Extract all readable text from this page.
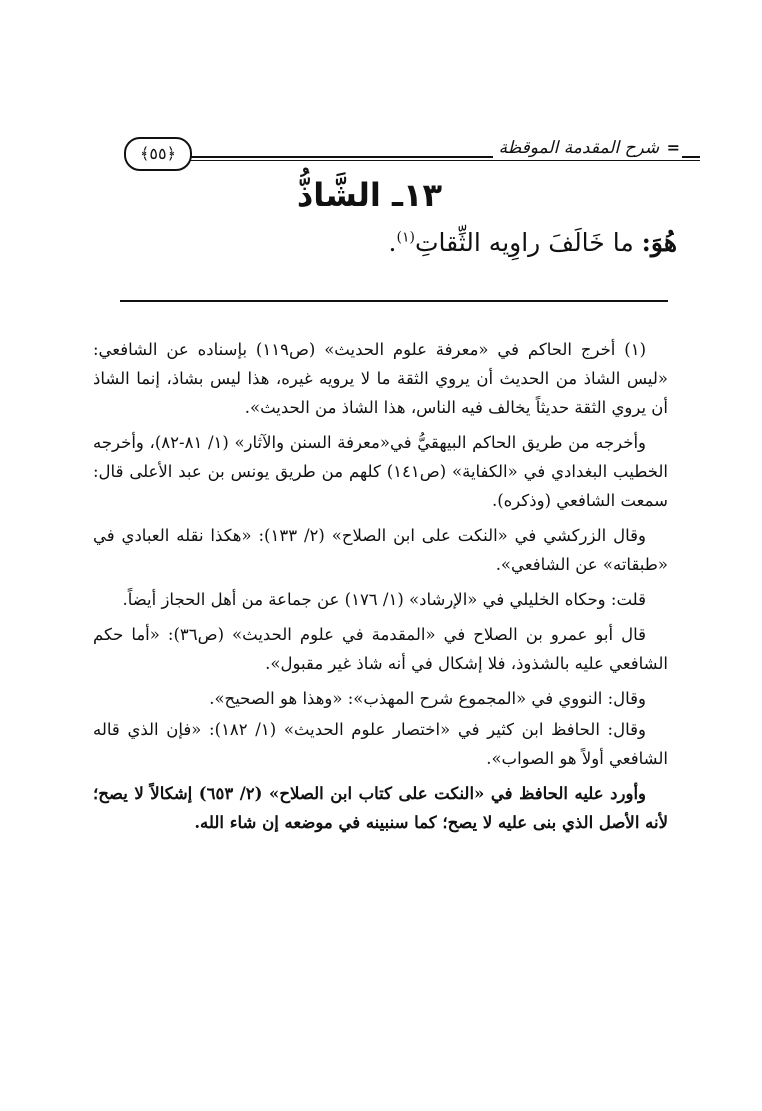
= شرح المقدمة الموقظة
﴿٥٥﴾
١٣ـ الشَّاذُّ
هُوَ: ما خَالَفَ راوِيه الثِّقاتِ$^{(١)}$.

(١) أخرج الحاكم في «معرفة علوم الحديث» (ص١١٩) بإسناده عن الشافعي: «ليس الشاذ من الحديث أن يروي الثقة ما لا يرويه غيره، هذا ليس بشاذ، إنما الشاذ أن يروي الثقة حديثاً يخالف فيه الناس، هذا الشاذ من الحديث».

وأخرجه من طريق الحاكم البيهقيُّ في«معرفة السنن والآثار» (١/ ٨١-٨٢)، وأخرجه الخطيب البغدادي في «الكفاية» (ص١٤١) كلهم من طريق يونس بن عبد الأعلى قال: سمعت الشافعي (وذكره).

وقال الزركشي في «النكت على ابن الصلاح» (٢/ ١٣٣): «هكذا نقله العبادي في «طبقاته» عن الشافعي».

قلت: وحكاه الخليلي في «الإرشاد» (١/ ١٧٦) عن جماعة من أهل الحجاز أيضاً.

قال أبو عمرو بن الصلاح في «المقدمة في علوم الحديث» (ص٣٦): «أما حكم الشافعي عليه بالشذوذ، فلا إشكال في أنه شاذ غير مقبول».

وقال: النووي في «المجموع شرح المهذب»: «وهذا هو الصحيح».

وقال: الحافظ ابن كثير في «اختصار علوم الحديث» (١/ ١٨٢): «فإن الذي قاله الشافعي أولاً هو الصواب».

وأورد عليه الحافظ في «النكت على كتاب ابن الصلاح» (٢/ ٦٥٣) إشكالاً لا يصح؛ لأنه الأصل الذي بنى عليه لا يصح؛ كما سنبينه في موضعه إن شاء الله.
